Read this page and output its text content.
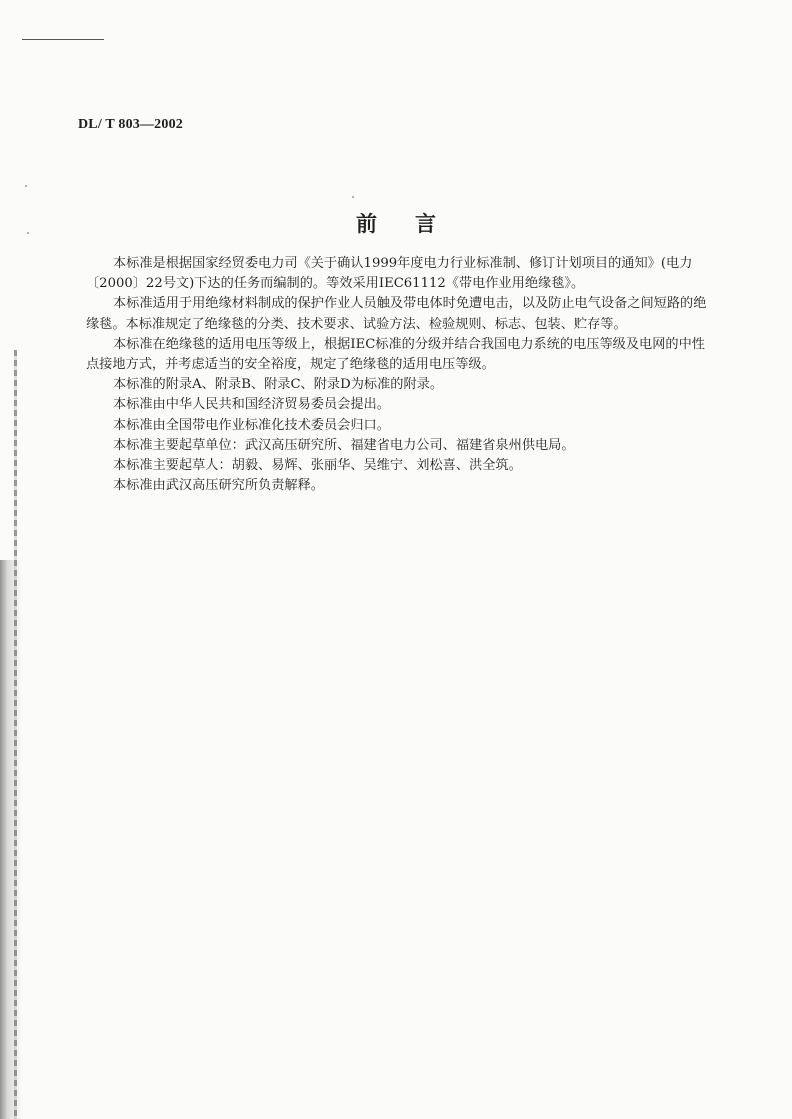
DL/ T 803—2002
前言

本标准是根据国家经贸委电力司《关于确认1999年度电力行业标准制、修订计划项目的通知》(电力〔2000〕22号文)下达的任务而编制的。等效采用IEC61112《带电作业用绝缘毯》。

本标准适用于用绝缘材料制成的保护作业人员触及带电体时免遭电击，以及防止电气设备之间短路的绝缘毯。本标准规定了绝缘毯的分类、技术要求、试验方法、检验规则、标志、包装、贮存等。

本标准在绝缘毯的适用电压等级上，根据IEC标准的分级并结合我国电力系统的电压等级及电网的中性点接地方式，并考虑适当的安全裕度，规定了绝缘毯的适用电压等级。

本标准的附录A、附录B、附录C、附录D为标准的附录。

本标准由中华人民共和国经济贸易委员会提出。

本标准由全国带电作业标准化技术委员会归口。

本标准主要起草单位：武汉高压研究所、福建省电力公司、福建省泉州供电局。

本标准主要起草人：胡毅、易辉、张丽华、吴维宁、刘松喜、洪全筑。

本标准由武汉高压研究所负责解释。
